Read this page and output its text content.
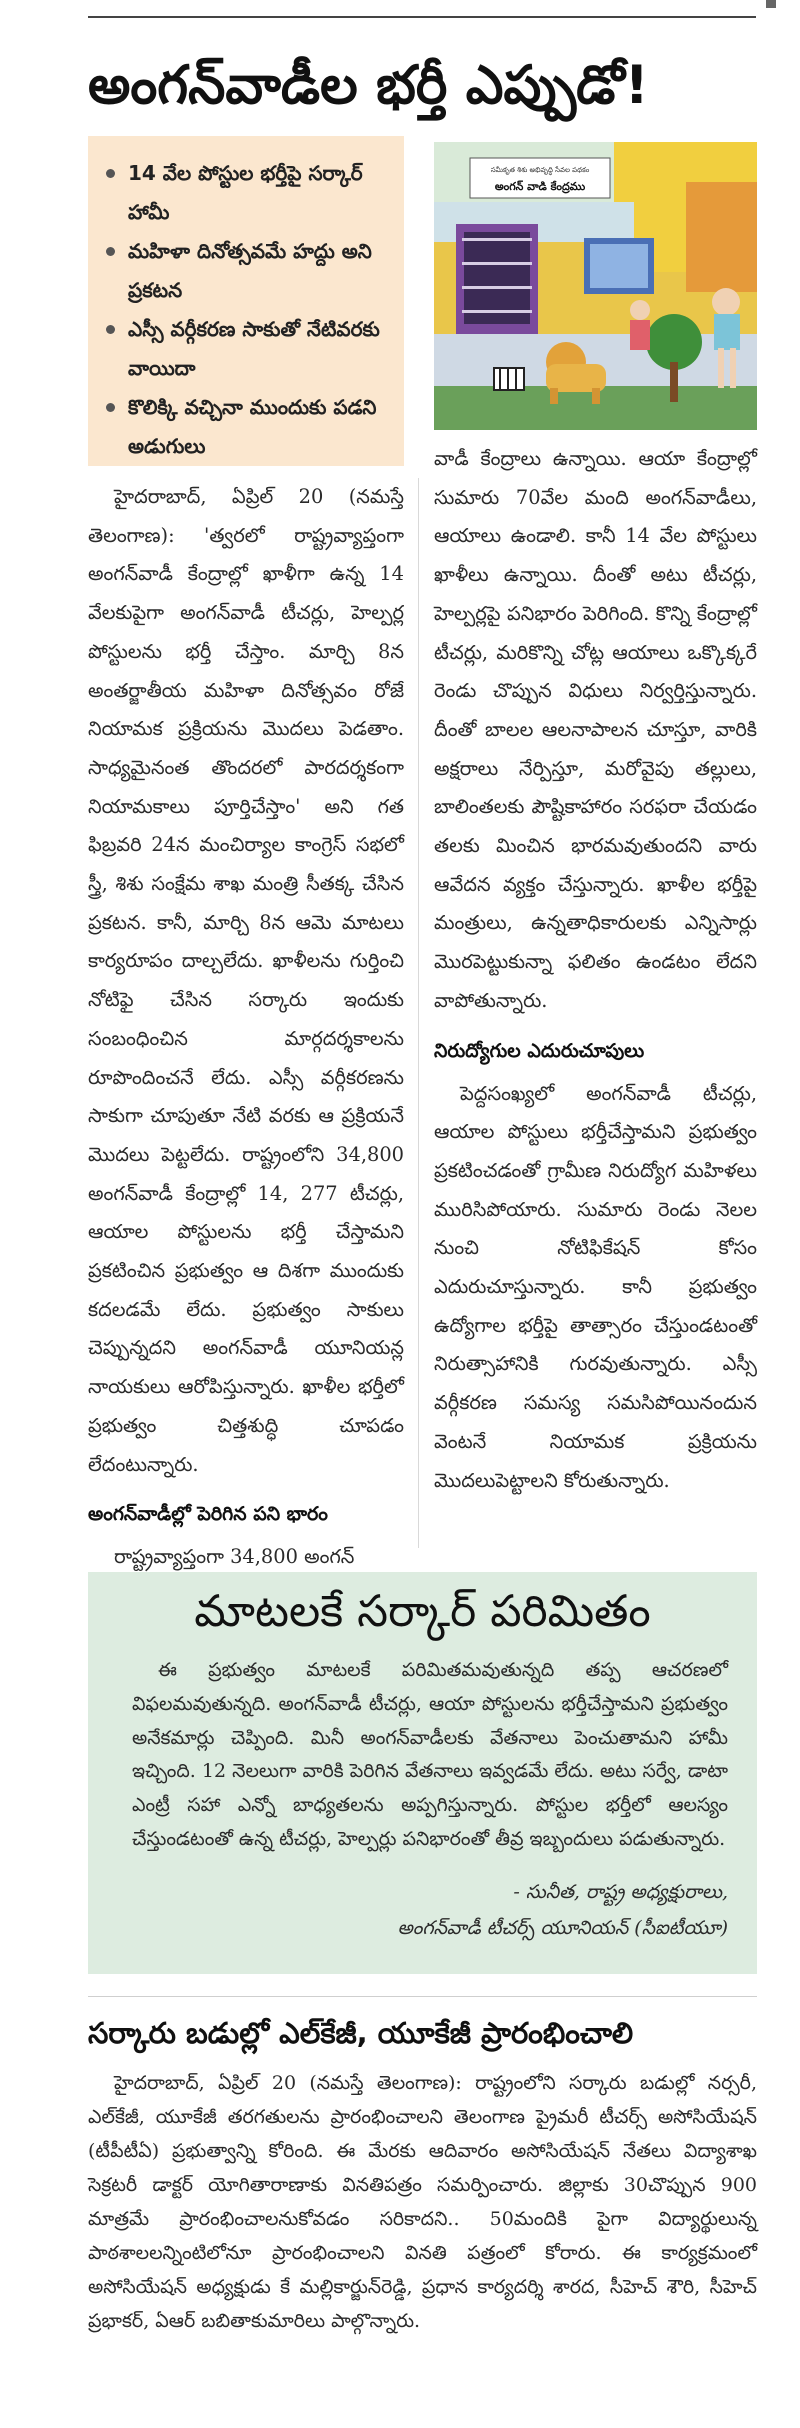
అంగన్‌వాడీల భర్తీ ఎప్పుడో!
14 వేల పోస్టుల భర్తీపై సర్కార్ హామీ
మహిళా దినోత్సవమే హద్దు అని ప్రకటన
ఎస్సీ వర్గీకరణ సాకుతో నేటివరకు వాయిదా
కొలిక్కి వచ్చినా ముందుకు పడని అడుగులు
సమీకృత శిశు అభివృద్ధి సేవల పథకం
అంగన్ వాడి కేంద్రము

హైదరాబాద్, ఏప్రిల్ 20 (నమస్తే తెలంగాణ): 'త్వరలో రాష్ట్రవ్యాప్తంగా అంగన్‌వాడీ కేంద్రాల్లో ఖాళీగా ఉన్న 14 వేలకుపైగా అంగన్‌వాడీ టీచర్లు, హెల్పర్ల పోస్టులను భర్తీ చేస్తాం. మార్చి 8న అంతర్జాతీయ మహిళా దినోత్సవం రోజే నియామక ప్రక్రియను మొదలు పెడతాం. సాధ్యమైనంత తొందరలో పారదర్శకంగా నియామకాలు పూర్తిచేస్తాం' అని గత ఫిబ్రవరి 24న మంచిర్యాల కాంగ్రెస్ సభలో స్త్రీ, శిశు సంక్షేమ శాఖ మంత్రి సీతక్క చేసిన ప్రకటన. కానీ, మార్చి 8న ఆమె మాటలు కార్యరూపం దాల్చలేదు. ఖాళీలను గుర్తించి నోటిఫై చేసిన సర్కారు ఇందుకు సంబంధించిన మార్గదర్శకాలను రూపొందించనే లేదు. ఎస్సీ వర్గీకరణను సాకుగా చూపుతూ నేటి వరకు ఆ ప్రక్రియనే మొదలు పెట్టలేదు. రాష్ట్రంలోని 34,800 అంగన్‌వాడీ కేంద్రాల్లో 14, 277 టీచర్లు, ఆయాల పోస్టులను భర్తీ చేస్తామని ప్రకటించిన ప్రభుత్వం ఆ దిశగా ముందుకు కదలడమే లేదు. ప్రభుత్వం సాకులు చెప్పున్నదని అంగన్‌వాడీ యూనియన్ల నాయకులు ఆరోపిస్తున్నారు. ఖాళీల భర్తీలో ప్రభుత్వం చిత్తశుద్ధి చూపడం లేదంటున్నారు.

అంగన్‌వాడీల్లో పెరిగిన పని భారం

రాష్ట్రవ్యాప్తంగా 34,800 అంగన్

వాడీ కేంద్రాలు ఉన్నాయి. ఆయా కేంద్రాల్లో సుమారు 70వేల మంది అంగన్‌వాడీలు, ఆయాలు ఉండాలి. కానీ 14 వేల పోస్టులు ఖాళీలు ఉన్నాయి. దీంతో అటు టీచర్లు, హెల్పర్లపై పనిభారం పెరిగింది. కొన్ని కేంద్రాల్లో టీచర్లు, మరికొన్ని చోట్ల ఆయాలు ఒక్కొక్కరే రెండు చొప్పున విధులు నిర్వర్తిస్తున్నారు. దీంతో బాలల ఆలనాపాలన చూస్తూ, వారికి అక్షరాలు నేర్పిస్తూ, మరోవైపు తల్లులు, బాలింతలకు పౌష్టికాహారం సరఫరా చేయడం తలకు మించిన భారమవుతుందని వారు ఆవేదన వ్యక్తం చేస్తున్నారు. ఖాళీల భర్తీపై మంత్రులు, ఉన్నతాధికారులకు ఎన్నిసార్లు మొరపెట్టుకున్నా ఫలితం ఉండటం లేదని వాపోతున్నారు.

నిరుద్యోగుల ఎదురుచూపులు

పెద్దసంఖ్యలో అంగన్‌వాడీ టీచర్లు, ఆయాల పోస్టులు భర్తీచేస్తామని ప్రభుత్వం ప్రకటించడంతో గ్రామీణ నిరుద్యోగ మహిళలు మురిసిపోయారు. సుమారు రెండు నెలల నుంచి నోటిఫికేషన్ కోసం ఎదురుచూస్తున్నారు. కానీ ప్రభుత్వం ఉద్యోగాల భర్తీపై తాత్సారం చేస్తుండటంతో నిరుత్సాహానికి గురవుతున్నారు. ఎస్సీ వర్గీకరణ సమస్య సమసిపోయినందున వెంటనే నియామక ప్రక్రియను మొదలుపెట్టాలని కోరుతున్నారు.

మాటలకే సర్కార్ పరిమితం

ఈ ప్రభుత్వం మాటలకే పరిమితమవుతున్నది తప్ప ఆచరణలో విఫలమవుతున్నది. అంగన్‌వాడీ టీచర్లు, ఆయా పోస్టులను భర్తీచేస్తామని ప్రభుత్వం అనేకమార్లు చెప్పింది. మినీ అంగన్‌వాడీలకు వేతనాలు పెంచుతామని హామీ ఇచ్చింది. 12 నెలలుగా వారికి పెరిగిన వేతనాలు ఇవ్వడమే లేదు. అటు సర్వే, డాటా ఎంట్రీ సహా ఎన్నో బాధ్యతలను అప్పగిస్తున్నారు. పోస్టుల భర్తీలో ఆలస్యం చేస్తుండటంతో ఉన్న టీచర్లు, హెల్పర్లు పనిభారంతో తీవ్ర ఇబ్బందులు పడుతున్నారు.

- సునీత, రాష్ట్ర అధ్యక్షురాలు,
అంగన్‌వాడీ టీచర్స్ యూనియన్ (సీఐటీయూ)
సర్కారు బడుల్లో ఎల్‌కేజీ, యూకేజీ ప్రారంభించాలి

హైదరాబాద్, ఏప్రిల్ 20 (నమస్తే తెలంగాణ): రాష్ట్రంలోని సర్కారు బడుల్లో నర్సరీ, ఎల్‌కేజీ, యూకేజీ తరగతులను ప్రారంభించాలని తెలంగాణ ప్రైమరీ టీచర్స్ అసోసియేషన్ (టీపీటీఏ) ప్రభుత్వాన్ని కోరింది. ఈ మేరకు ఆదివారం అసోసియేషన్ నేతలు విద్యాశాఖ సెక్రటరీ డాక్టర్ యోగితారాణాకు వినతిపత్రం సమర్పించారు. జిల్లాకు 30చొప్పున 900 మాత్రమే ప్రారంభించాలనుకోవడం సరికాదని.. 50మందికి పైగా విద్యార్థులున్న పాఠశాలలన్నింటిలోనూ ప్రారంభించాలని వినతి పత్రంలో కోరారు. ఈ కార్యక్రమంలో అసోసియేషన్ అధ్యక్షుడు కే మల్లికార్జున్‌రెడ్డి, ప్రధాన కార్యదర్శి శారద, సీహెచ్ శౌరి, సీహెచ్ ప్రభాకర్, ఏఆర్ బబితాకుమారిలు పాల్గొన్నారు.
